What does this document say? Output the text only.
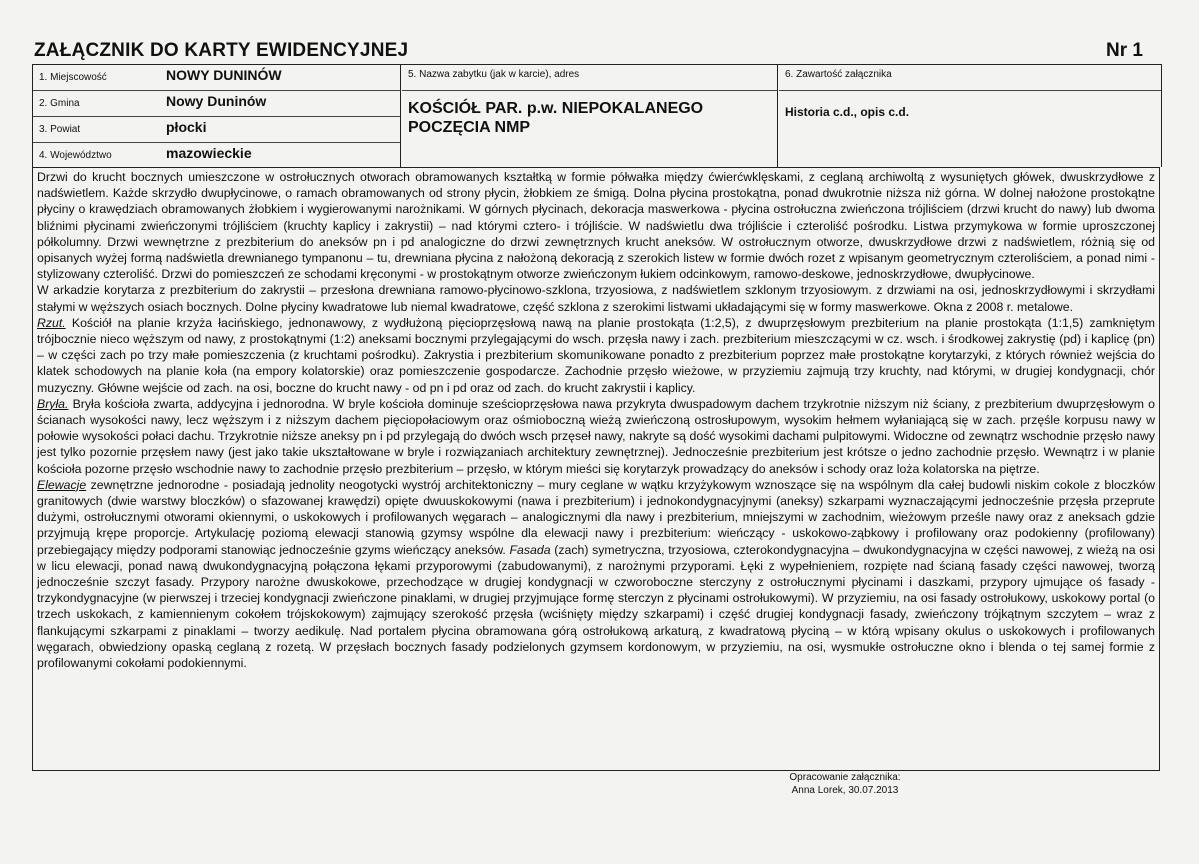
ZAŁĄCZNIK DO KARTY EWIDENCYJNEJ	Nr 1
1. Miejscowość	NOWY DUNINÓW
2. Gmina	Nowy Duninów
3. Powiat	płocki
4. Województwo	mazowieckie
5. Nazwa zabytku (jak w karcie), adres
KOŚCIÓŁ PAR. p.w. NIEPOKALANEGO POCZĘCIA NMP
6. Zawartość załącznika
Historia c.d., opis c.d.

Drzwi do krucht bocznych umieszczone w ostrołucznych otworach obramowanych kształtką w formie półwałka między ćwierćwklęskami, z ceglaną archiwoltą z wysuniętych główek, dwuskrzydłowe z nadświetlem. Każde skrzydło dwupłycinowe, o ramach obramowanych od strony płycin, żłobkiem ze śmigą. Dolna płycina prostokątna, ponad dwukrotnie niższa niż górna. W dolnej nałożone prostokątne płyciny o krawędziach obramowanych żłobkiem i wygierowanymi narożnikami. W górnych płycinach, dekoracja maswerkowa - płycina ostrołuczna zwieńczona trójliściem (drzwi krucht do nawy) lub dwoma bliźnimi płycinami zwieńczonymi trójliściem (kruchty kaplicy i zakrystii) – nad którymi cztero- i trójliście. W nadświetlu dwa trójliście i czteroliść pośrodku. Listwa przymykowa w formie uproszczonej półkolumny. Drzwi wewnętrzne z prezbiterium do aneksów pn i pd analogiczne do drzwi zewnętrznych krucht aneksów. W ostrołucznym otworze, dwuskrzydłowe drzwi z nadświetlem, różnią się od opisanych wyżej formą nadświetla drewnianego tympanonu – tu, drewniana płycina z nałożoną dekoracją z szerokich listew w formie dwóch rozet z wpisanym geometrycznym czteroliściem, a ponad nimi - stylizowany czteroliść. Drzwi do pomieszczeń ze schodami kręconymi - w prostokątnym otworze zwieńczonym łukiem odcinkowym, ramowo-deskowe, jednoskrzydłowe, dwupłycinowe.

W arkadzie korytarza z prezbiterium do zakrystii – przesłona drewniana ramowo-płycinowo-szklona, trzyosiowa, z nadświetlem szklonym trzyosiowym. z drzwiami na osi, jednoskrzydłowymi i skrzydłami stałymi w węższych osiach bocznych. Dolne płyciny kwadratowe lub niemal kwadratowe, część szklona z szerokimi listwami układającymi się w formy maswerkowe. Okna z 2008 r. metalowe.

Rzut. Kościół na planie krzyża łacińskiego, jednonawowy, z wydłużoną pięcioprzęsłową nawą na planie prostokąta (1:2,5), z dwuprzęsłowym prezbiterium na planie prostokąta (1:1,5) zamkniętym trójbocznie nieco węższym od nawy, z prostokątnymi (1:2) aneksami bocznymi przylegającymi do wsch. przęsła nawy i zach. prezbiterium mieszczącymi w cz. wsch. i środkowej zakrystię (pd) i kaplicę (pn) – w części zach po trzy małe pomieszczenia (z kruchtami pośrodku). Zakrystia i prezbiterium skomunikowane ponadto z prezbiterium poprzez małe prostokątne korytarzyki, z których również wejścia do klatek schodowych na planie koła (na empory kolatorskie) oraz pomieszczenie gospodarcze. Zachodnie przęsło wieżowe, w przyziemiu zajmują trzy kruchty, nad którymi, w drugiej kondygnacji, chór muzyczny. Główne wejście od zach. na osi, boczne do krucht nawy - od pn i pd oraz od zach. do krucht zakrystii i kaplicy.

Bryła. Bryła kościoła zwarta, addycyjna i jednorodna. W bryle kościoła dominuje sześcioprzęsłowa nawa przykryta dwuspadowym dachem trzykrotnie niższym niż ściany, z prezbiterium dwuprzęsłowym o ścianach wysokości nawy, lecz węższym i z niższym dachem pięciopołaciowym oraz ośmioboczną wieżą zwieńczoną ostrosłupowym, wysokim hełmem wyłaniającą się w zach. przęśle korpusu nawy w połowie wysokości połaci dachu. Trzykrotnie niższe aneksy pn i pd przylegają do dwóch wsch przęseł nawy, nakryte są dość wysokimi dachami pulpitowymi. Widoczne od zewnątrz wschodnie przęsło nawy jest tylko pozornie przęsłem nawy (jest jako takie ukształtowane w bryle i rozwiązaniach architektury zewnętrznej). Jednocześnie prezbiterium jest krótsze o jedno zachodnie przęsło. Wewnątrz i w planie kościoła pozorne przęsło wschodnie nawy to zachodnie przęsło prezbiterium – przęsło, w którym mieści się korytarzyk prowadzący do aneksów i schody oraz loża kolatorska na piętrze.

Elewacje zewnętrzne jednorodne - posiadają jednolity neogotycki wystrój architektoniczny – mury ceglane w wątku krzyżykowym wznoszące się na wspólnym dla całej budowli niskim cokole z bloczków granitowych (dwie warstwy bloczków) o sfazowanej krawędzi) opięte dwuuskokowymi (nawa i prezbiterium) i jednokondygnacyjnymi (aneksy) szkarpami wyznaczającymi jednocześnie przęsła przeprute dużymi, ostrołucznymi otworami okiennymi, o uskokowych i profilowanych węgarach – analogicznymi dla nawy i prezbiterium, mniejszymi w zachodnim, wieżowym prześle nawy oraz z aneksach gdzie przyjmują krępe proporcje. Artykulację poziomą elewacji stanowią gzymsy wspólne dla elewacji nawy i prezbiterium: wieńczący - uskokowo-ząbkowy i profilowany oraz podokienny (profilowany) przebiegający między podporami stanowiąc jednocześnie gzyms wieńczący aneksów. Fasada (zach) symetryczna, trzyosiowa, czterokondygnacyjna – dwukondygnacyjna w części nawowej, z wieżą na osi w licu elewacji, ponad nawą dwukondygnacyjną połączona łękami przyporowymi (zabudowanymi), z narożnymi przyporami. Łęki z wypełnieniem, rozpięte nad ścianą fasady części nawowej, tworzą jednocześnie szczyt fasady. Przypory narożne dwuskokowe, przechodzące w drugiej kondygnacji w czworoboczne sterczyny z ostrołucznymi płycinami i daszkami, przypory ujmujące oś fasady - trzykondygnacyjne (w pierwszej i trzeciej kondygnacji zwieńczone pinaklami, w drugiej przyjmujące formę sterczyn z płycinami ostrołukowymi). W przyziemiu, na osi fasady ostrołukowy, uskokowy portal (o trzech uskokach, z kamiennienym cokołem trójskokowym) zajmujący szerokość przęsła (wciśnięty między szkarpami) i część drugiej kondygnacji fasady, zwieńczony trójkątnym szczytem – wraz z flankującymi szkarpami z pinaklami – tworzy aedikulę. Nad portalem płycina obramowana górą ostrołukową arkaturą, z kwadratową płyciną – w którą wpisany okulus o uskokowych i profilowanych węgarach, obwiedziony opaską ceglaną z rozetą. W przęsłach bocznych fasady podzielonych gzymsem kordonowym, w przyziemiu, na osi, wysmukłe ostrołuczne okno i blenda o tej samej formie z profilowanymi cokołami podokiennymi.

Opracowanie załącznika:
Anna Lorek, 30.07.2013
